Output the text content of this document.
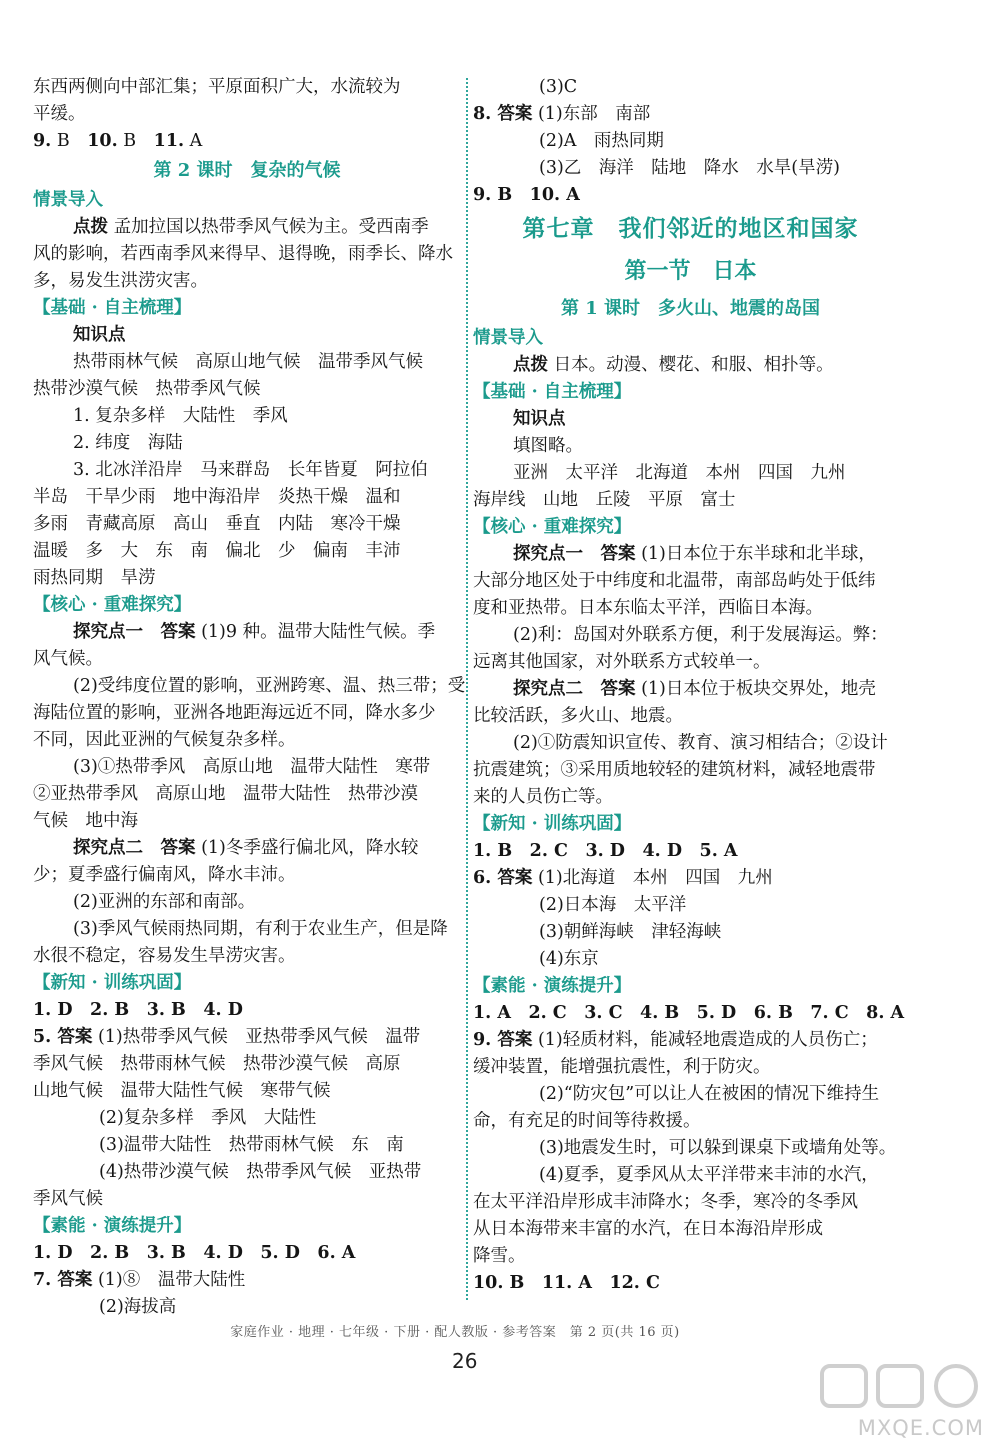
东西两侧向中部汇集；平原面积广大，水流较为
平缓。
9. B　 10. B　 11. A
第 2 课时　复杂的气候
情景导入
点拨 孟加拉国以热带季风气候为主。受西南季
风的影响，若西南季风来得早、退得晚，雨季长、降水
多，易发生洪涝灾害。
【基础 · 自主梳理】
知识点
热带雨林气候　高原山地气候　温带季风气候
热带沙漠气候　热带季风气候
1. 复杂多样　大陆性　季风
2. 纬度　海陆
3. 北冰洋沿岸　马来群岛　长年皆夏　阿拉伯
半岛　干旱少雨　地中海沿岸　炎热干燥　温和
多雨　青藏高原　高山　垂直　内陆　寒冷干燥
温暖　多　大　东　南　偏北　少　偏南　丰沛
雨热同期　旱涝
【核心 · 重难探究】
探究点一　答案 (1)9 种。温带大陆性气候。季
风气候。
(2)受纬度位置的影响，亚洲跨寒、温、热三带；受
海陆位置的影响，亚洲各地距海远近不同，降水多少
不同，因此亚洲的气候复杂多样。
(3)①热带季风　高原山地　温带大陆性　寒带
②亚热带季风　高原山地　温带大陆性　热带沙漠
气候　地中海
探究点二　答案 (1)冬季盛行偏北风，降水较
少；夏季盛行偏南风，降水丰沛。
(2)亚洲的东部和南部。
(3)季风气候雨热同期，有利于农业生产，但是降
水很不稳定，容易发生旱涝灾害。
【新知 · 训练巩固】
1. D　2. B　3. B　4. D
5. 答案 (1)热带季风气候　亚热带季风气候　温带
季风气候　热带雨林气候　热带沙漠气候　高原
山地气候　温带大陆性气候　寒带气候
(2)复杂多样　季风　大陆性
(3)温带大陆性　热带雨林气候　东　南
(4)热带沙漠气候　热带季风气候　亚热带
季风气候
【素能 · 演练提升】
1. D　2. B　3. B　4. D　5. D　6. A
7. 答案 (1)⑧　温带大陆性
(2)海拔高
(3)C
8. 答案 (1)东部　南部
(2)A　雨热同期
(3)乙　海洋　陆地　降水　水旱(旱涝)
9. B　10. A
第七章　我们邻近的地区和国家
第一节　日本
第 1 课时　多火山、地震的岛国
情景导入
点拨 日本。动漫、樱花、和服、相扑等。
【基础 · 自主梳理】
知识点
填图略。
亚洲　太平洋　北海道　本州　四国　九州
海岸线　山地　丘陵　平原　富士
【核心 · 重难探究】
探究点一　答案 (1)日本位于东半球和北半球，
大部分地区处于中纬度和北温带，南部岛屿处于低纬
度和亚热带。日本东临太平洋，西临日本海。
(2)利：岛国对外联系方便，利于发展海运。弊：
远离其他国家，对外联系方式较单一。
探究点二　答案 (1)日本位于板块交界处，地壳
比较活跃，多火山、地震。
(2)①防震知识宣传、教育、演习相结合；②设计
抗震建筑；③采用质地较轻的建筑材料，减轻地震带
来的人员伤亡等。
【新知 · 训练巩固】
1. B　2. C　3. D　4. D　5. A
6. 答案 (1)北海道　本州　四国　九州
(2)日本海　太平洋
(3)朝鲜海峡　津轻海峡
(4)东京
【素能 · 演练提升】
1. A　2. C　3. C　4. B　5. D　6. B　7. C　8. A
9. 答案 (1)轻质材料，能减轻地震造成的人员伤亡；
缓冲装置，能增强抗震性，利于防灾。
(2)“防灾包”可以让人在被困的情况下维持生
命，有充足的时间等待救援。
(3)地震发生时，可以躲到课桌下或墙角处等。
(4)夏季，夏季风从太平洋带来丰沛的水汽，
在太平洋沿岸形成丰沛降水；冬季，寒冷的冬季风
从日本海带来丰富的水汽，在日本海沿岸形成
降雪。
10. B　11. A　12. C
家庭作业 · 地理 · 七年级 · 下册 · 配人教版 · 参考答案　第 2 页(共 16 页)
26
MXQE.COM
